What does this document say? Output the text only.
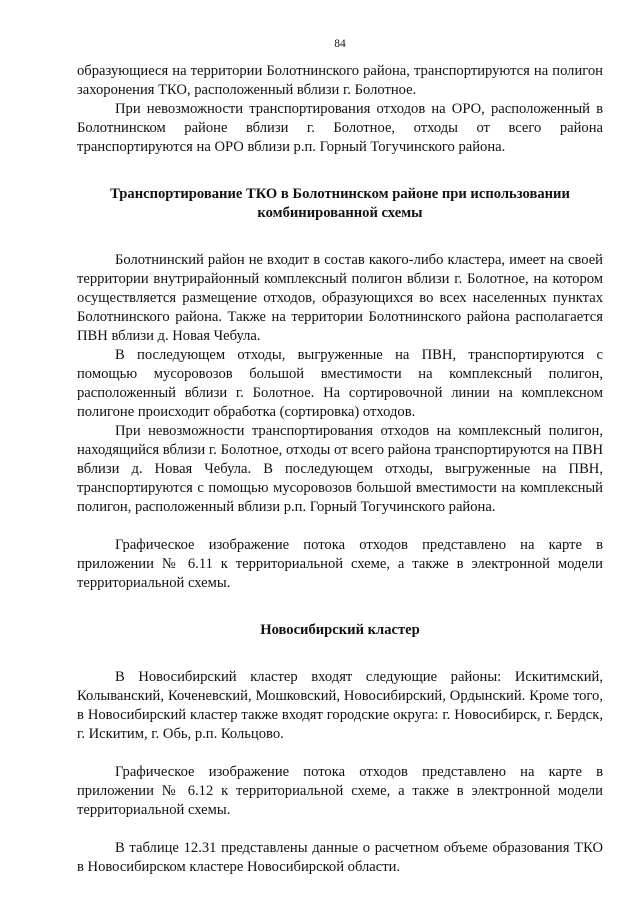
84

образующиеся на территории Болотнинского района, транспортируются на полигон захоронения ТКО, расположенный вблизи г. Болотное.

При невозможности транспортирования отходов на ОРО, расположенный в Болотнинском районе вблизи г. Болотное, отходы от всего района транспортируются на ОРО вблизи р.п. Горный Тогучинского района.

Транспортирование ТКО в Болотнинском районе при использовании комбинированной схемы

Болотнинский район не входит в состав какого-либо кластера, имеет на своей территории внутрирайонный комплексный полигон вблизи г. Болотное, на котором осуществляется размещение отходов, образующихся во всех населенных пунктах Болотнинского района. Также на территории Болотнинского района располагается ПВН вблизи д. Новая Чебула.

В последующем отходы, выгруженные на ПВН, транспортируются с помощью мусоровозов большой вместимости на комплексный полигон, расположенный вблизи г. Болотное. На сортировочной линии на комплексном полигоне происходит обработка (сортировка) отходов.

При невозможности транспортирования отходов на комплексный полигон, находящийся вблизи г. Болотное, отходы от всего района транспортируются на ПВН вблизи д. Новая Чебула. В последующем отходы, выгруженные на ПВН, транспортируются с помощью мусоровозов большой вместимости на комплексный полигон, расположенный вблизи р.п. Горный Тогучинского района.

Графическое изображение потока отходов представлено на карте в приложении № 6.11 к территориальной схеме, а также в электронной модели территориальной схемы.

Новосибирский кластер

В Новосибирский кластер входят следующие районы: Искитимский, Колыванский, Коченевский, Мошковский, Новосибирский, Ордынский. Кроме того, в Новосибирский кластер также входят городские округа: г. Новосибирск, г. Бердск, г. Искитим, г. Обь, р.п. Кольцово.

Графическое изображение потока отходов представлено на карте в приложении № 6.12 к территориальной схеме, а также в электронной модели территориальной схемы.

В таблице 12.31 представлены данные о расчетном объеме образования ТКО в Новосибирском кластере Новосибирской области.
